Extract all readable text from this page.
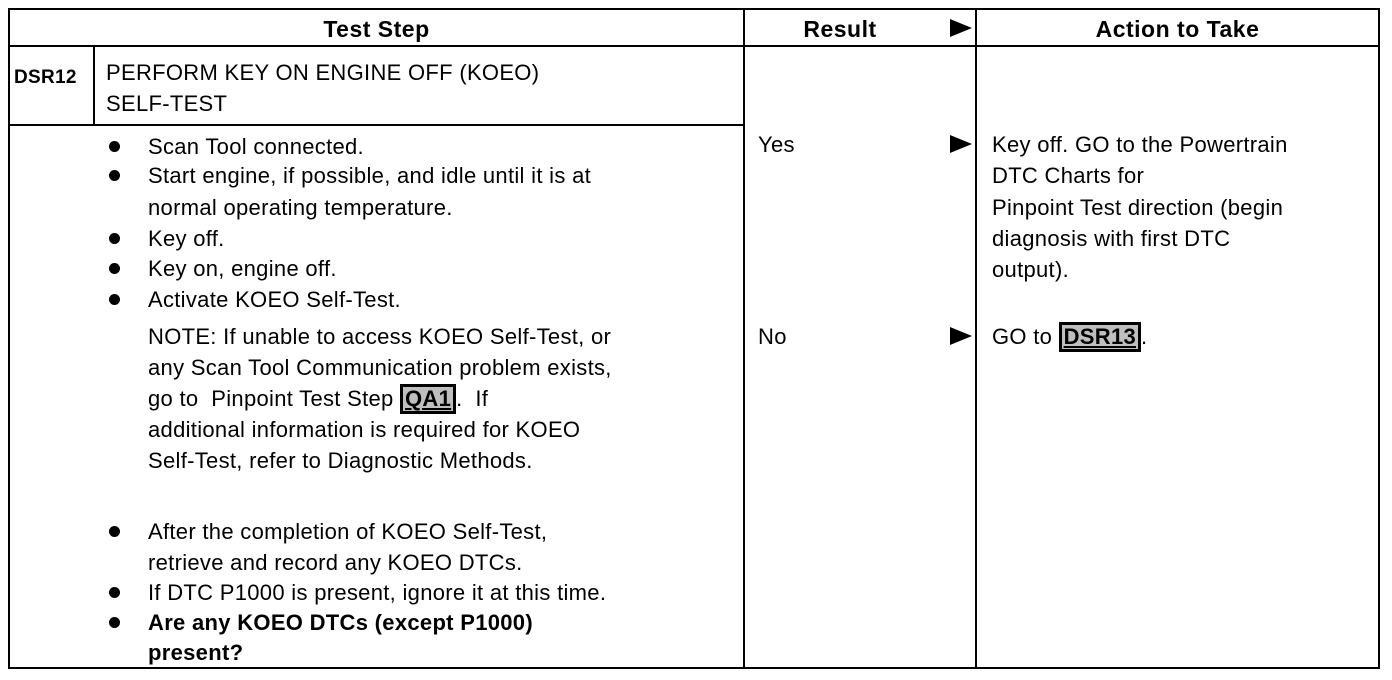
Test Step	Result	Action to Take
DSR12 PERFORM KEY ON ENGINE OFF (KOEO)
SELF-TEST
Scan Tool connected.
Start engine, if possible, and idle until it is at
normal operating temperature.
Key off.
Key on, engine off.
Activate KOEO Self-Test.
NOTE: If unable to access KOEO Self-Test, or
any Scan Tool Communication problem exists,
go to  Pinpoint Test Step QA1 .  If
additional information is required for KOEO
Self-Test, refer to Diagnostic Methods.
After the completion of KOEO Self-Test,
retrieve and record any KOEO DTCs.
If DTC P1000 is present, ignore it at this time.
Are any KOEO DTCs (except P1000)
present?
Yes
No
Key off. GO to the Powertrain
DTC Charts for
Pinpoint Test direction (begin
diagnosis with first DTC
output).
GO to DSR13 .
